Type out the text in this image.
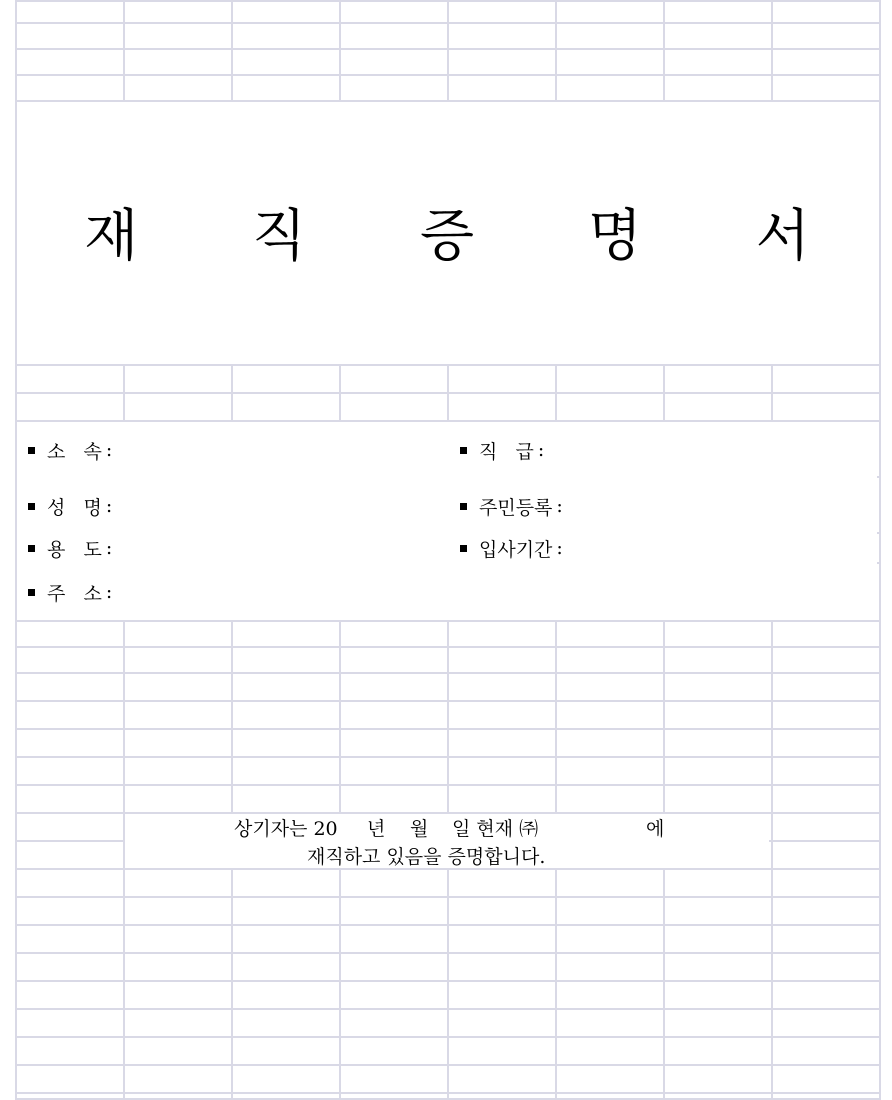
재 직 증 명 서
소   속 :	직   급 :
성   명 :	주민등록 :
용   도 :	입사기간 :
주   소 :
상기자는 20 년 월 일 현재 ㈜	에
재직하고 있음을 증명합니다.
